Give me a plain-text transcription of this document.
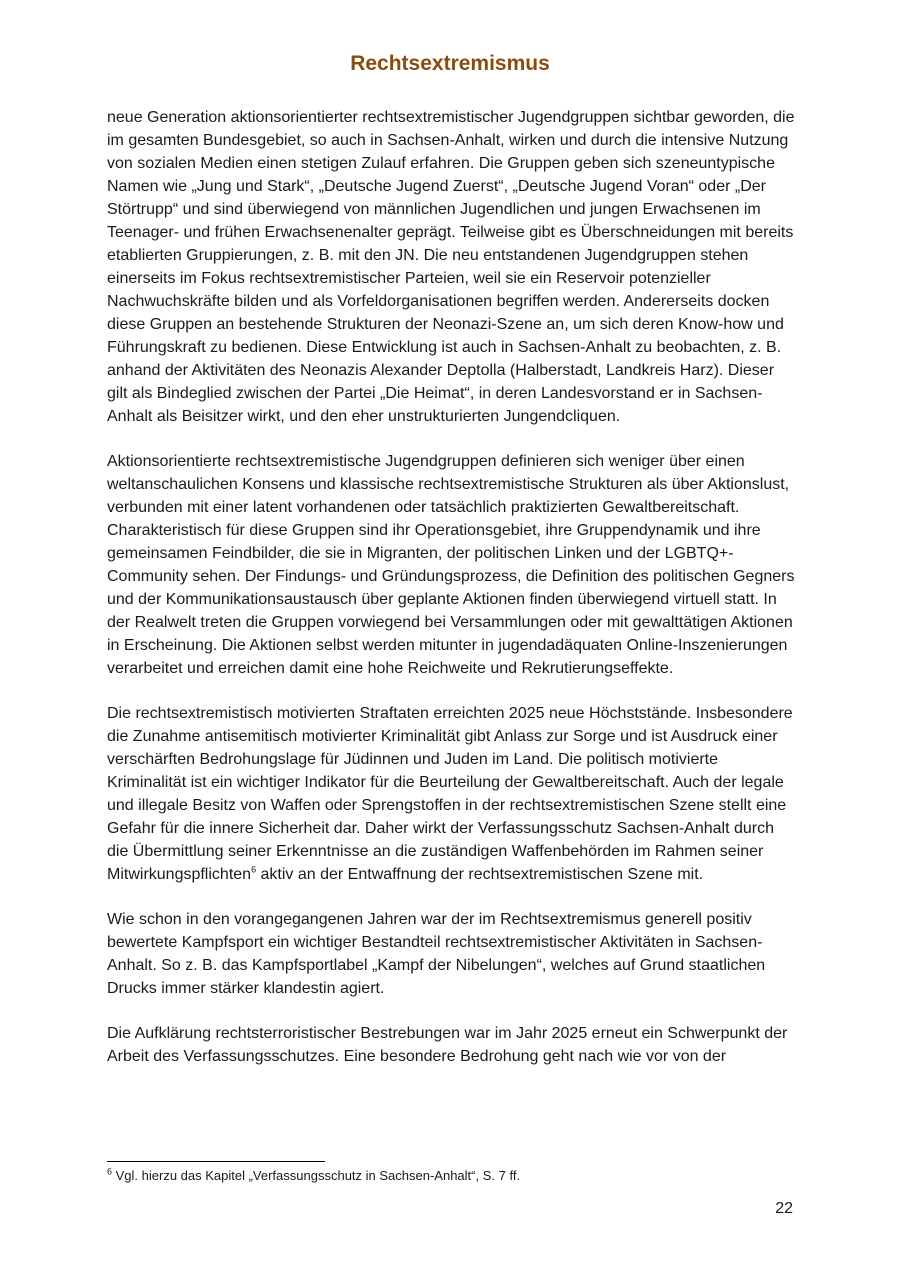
Rechtsextremismus

neue Generation aktionsorientierter rechtsextremistischer Jugendgruppen sichtbar geworden, die im gesamten Bundesgebiet, so auch in Sachsen-Anhalt, wirken und durch die intensive Nutzung von sozialen Medien einen stetigen Zulauf erfahren. Die Gruppen geben sich szeneuntypische Namen wie „Jung und Stark“, „Deutsche Jugend Zuerst“, „Deutsche Jugend Voran“ oder „Der Störtrupp“ und sind überwiegend von männlichen Jugendlichen und jungen Erwachsenen im Teenager- und frühen Erwachsenenalter geprägt. Teilweise gibt es Überschneidungen mit bereits etablierten Gruppierungen, z. B. mit den JN. Die neu entstandenen Jugendgruppen stehen einerseits im Fokus rechtsextremistischer Parteien, weil sie ein Reservoir potenzieller Nachwuchskräfte bilden und als Vorfeldorganisationen begriffen werden. Andererseits docken diese Gruppen an bestehende Strukturen der Neonazi-Szene an, um sich deren Know-how und Führungskraft zu bedienen. Diese Entwicklung ist auch in Sachsen-Anhalt zu beobachten, z. B. anhand der Aktivitäten des Neonazis Alexander Deptolla (Halberstadt, Landkreis Harz). Dieser gilt als Bindeglied zwischen der Partei „Die Heimat“, in deren Landesvorstand er in Sachsen-Anhalt als Beisitzer wirkt, und den eher unstrukturierten Jungendcliquen.

Aktionsorientierte rechtsextremistische Jugendgruppen definieren sich weniger über einen weltanschaulichen Konsens und klassische rechtsextremistische Strukturen als über Aktionslust, verbunden mit einer latent vorhandenen oder tatsächlich praktizierten Gewaltbereitschaft. Charakteristisch für diese Gruppen sind ihr Operationsgebiet, ihre Gruppendynamik und ihre gemeinsamen Feindbilder, die sie in Migranten, der politischen Linken und der LGBTQ+-Community sehen. Der Findungs- und Gründungsprozess, die Definition des politischen Gegners und der Kommunikationsaustausch über geplante Aktionen finden überwiegend virtuell statt. In der Realwelt treten die Gruppen vorwiegend bei Versammlungen oder mit gewalttätigen Aktionen in Erscheinung. Die Aktionen selbst werden mitunter in jugendadäquaten Online-Inszenierungen verarbeitet und erreichen damit eine hohe Reichweite und Rekrutierungseffekte.

Die rechtsextremistisch motivierten Straftaten erreichten 2025 neue Höchststände. Insbesondere die Zunahme antisemitisch motivierter Kriminalität gibt Anlass zur Sorge und ist Ausdruck einer verschärften Bedrohungslage für Jüdinnen und Juden im Land. Die politisch motivierte Kriminalität ist ein wichtiger Indikator für die Beurteilung der Gewaltbereitschaft. Auch der legale und illegale Besitz von Waffen oder Sprengstoffen in der rechtsextremistischen Szene stellt eine Gefahr für die innere Sicherheit dar. Daher wirkt der Verfassungsschutz Sachsen-Anhalt durch die Übermittlung seiner Erkenntnisse an die zuständigen Waffenbehörden im Rahmen seiner Mitwirkungspflichten$^6$ aktiv an der Entwaffnung der rechtsextremistischen Szene mit.

Wie schon in den vorangegangenen Jahren war der im Rechtsextremismus generell positiv bewertete Kampfsport ein wichtiger Bestandteil rechtsextremistischer Aktivitäten in Sachsen-Anhalt. So z. B. das Kampfsportlabel „Kampf der Nibelungen“, welches auf Grund staatlichen Drucks immer stärker klandestin agiert.

Die Aufklärung rechtsterroristischer Bestrebungen war im Jahr 2025 erneut ein Schwerpunkt der Arbeit des Verfassungsschutzes. Eine besondere Bedrohung geht nach wie vor von der

$^6$ Vgl. hierzu das Kapitel „Verfassungsschutz in Sachsen-Anhalt“, S. 7 ff.
22
